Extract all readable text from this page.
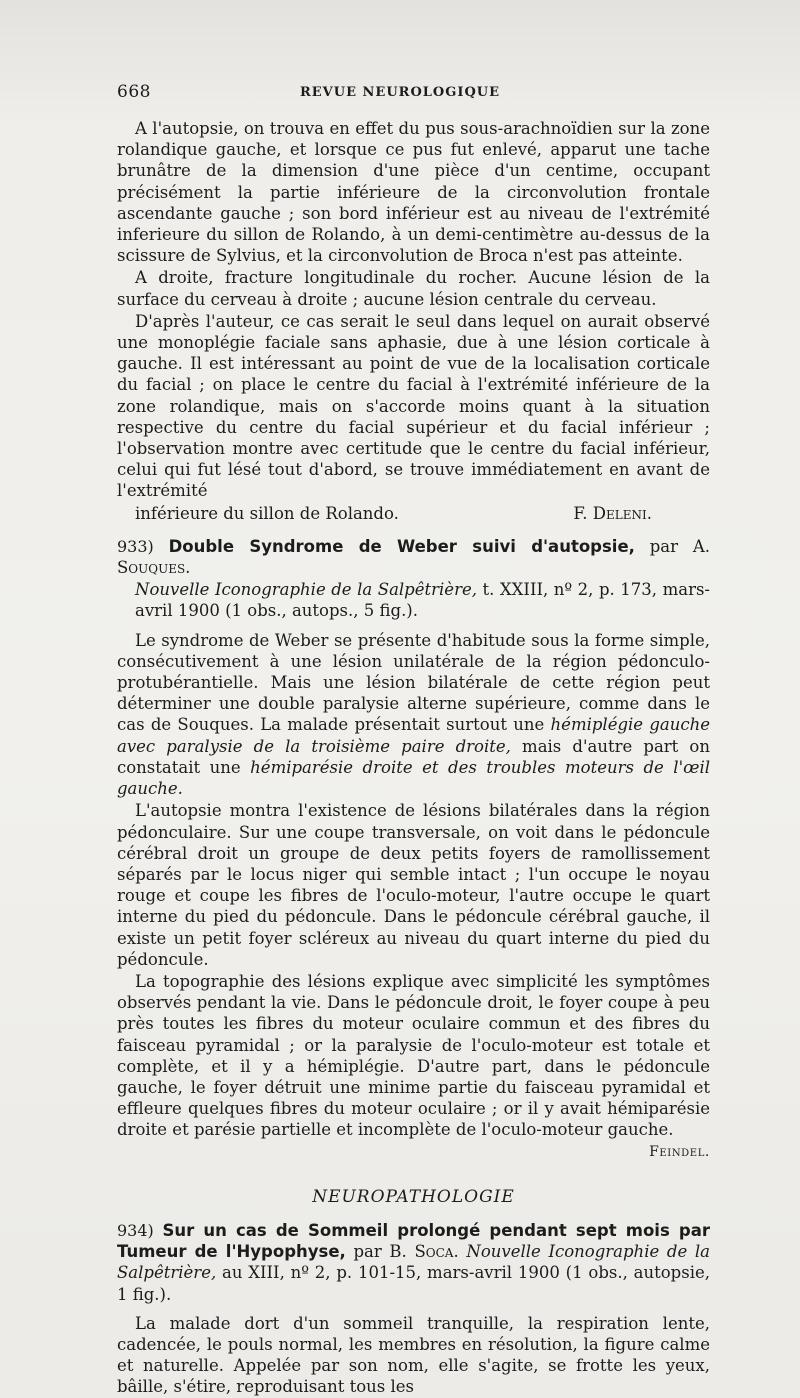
668	REVUE NEUROLOGIQUE

A l'autopsie, on trouva en effet du pus sous-arachnoïdien sur la zone rolandique gauche, et lorsque ce pus fut enlevé, apparut une tache brunâtre de la dimension d'une pièce d'un centime, occupant précisément la partie inférieure de la circonvolution frontale ascendante gauche ; son bord inférieur est au niveau de l'extrémité inferieure du sillon de Rolando, à un demi-centimètre au-dessus de la scissure de Sylvius, et la circonvolution de Broca n'est pas atteinte.

A droite, fracture longitudinale du rocher. Aucune lésion de la surface du cerveau à droite ; aucune lésion centrale du cerveau.

D'après l'auteur, ce cas serait le seul dans lequel on aurait observé une monoplégie faciale sans aphasie, due à une lésion corticale à gauche. Il est intéressant au point de vue de la localisation corticale du facial ; on place le centre du facial à l'extrémité inférieure de la zone rolandique, mais on s'accorde moins quant à la situation respective du centre du facial supérieur et du facial inférieur ; l'observation montre avec certitude que le centre du facial inférieur, celui qui fut lésé tout d'abord, se trouve immédiatement en avant de l'extrémité

inférieure du sillon de Rolando.	F. Deleni.

933) Double Syndrome de Weber suivi d'autopsie, par A. Souques.

Nouvelle Iconographie de la Salpêtrière, t. XXIII, nº 2, p. 173, mars-avril 1900 (1 obs., autops., 5 fig.).

Le syndrome de Weber se présente d'habitude sous la forme simple, consécutivement à une lésion unilatérale de la région pédonculo-protubérantielle. Mais une lésion bilatérale de cette région peut déterminer une double paralysie alterne supérieure, comme dans le cas de Souques. La malade présentait surtout une hémiplégie gauche avec paralysie de la troisième paire droite, mais d'autre part on constatait une hémiparésie droite et des troubles moteurs de l'œil gauche.

L'autopsie montra l'existence de lésions bilatérales dans la région pédonculaire. Sur une coupe transversale, on voit dans le pédoncule cérébral droit un groupe de deux petits foyers de ramollissement séparés par le locus niger qui semble intact ; l'un occupe le noyau rouge et coupe les fibres de l'oculo-moteur, l'autre occupe le quart interne du pied du pédoncule. Dans le pédoncule cérébral gauche, il existe un petit foyer scléreux au niveau du quart interne du pied du pédoncule.

La topographie des lésions explique avec simplicité les symptômes observés pendant la vie. Dans le pédoncule droit, le foyer coupe à peu près toutes les fibres du moteur oculaire commun et des fibres du faisceau pyramidal ; or la paralysie de l'oculo-moteur est totale et complète, et il y a hémiplégie. D'autre part, dans le pédoncule gauche, le foyer détruit une minime partie du faisceau pyramidal et effleure quelques fibres du moteur oculaire ; or il y avait hémiparésie droite et parésie partielle et incomplète de l'oculo-moteur gauche.

Feindel.

NEUROPATHOLOGIE

934) Sur un cas de Sommeil prolongé pendant sept mois par Tumeur de l'Hypophyse, par B. Soca. Nouvelle Iconographie de la Salpêtrière, au XIII, nº 2, p. 101-15, mars-avril 1900 (1 obs., autopsie, 1 fig.).

La malade dort d'un sommeil tranquille, la respiration lente, cadencée, le pouls normal, les membres en résolution, la figure calme et naturelle. Appelée par son nom, elle s'agite, se frotte les yeux, bâille, s'étire, reproduisant tous les
